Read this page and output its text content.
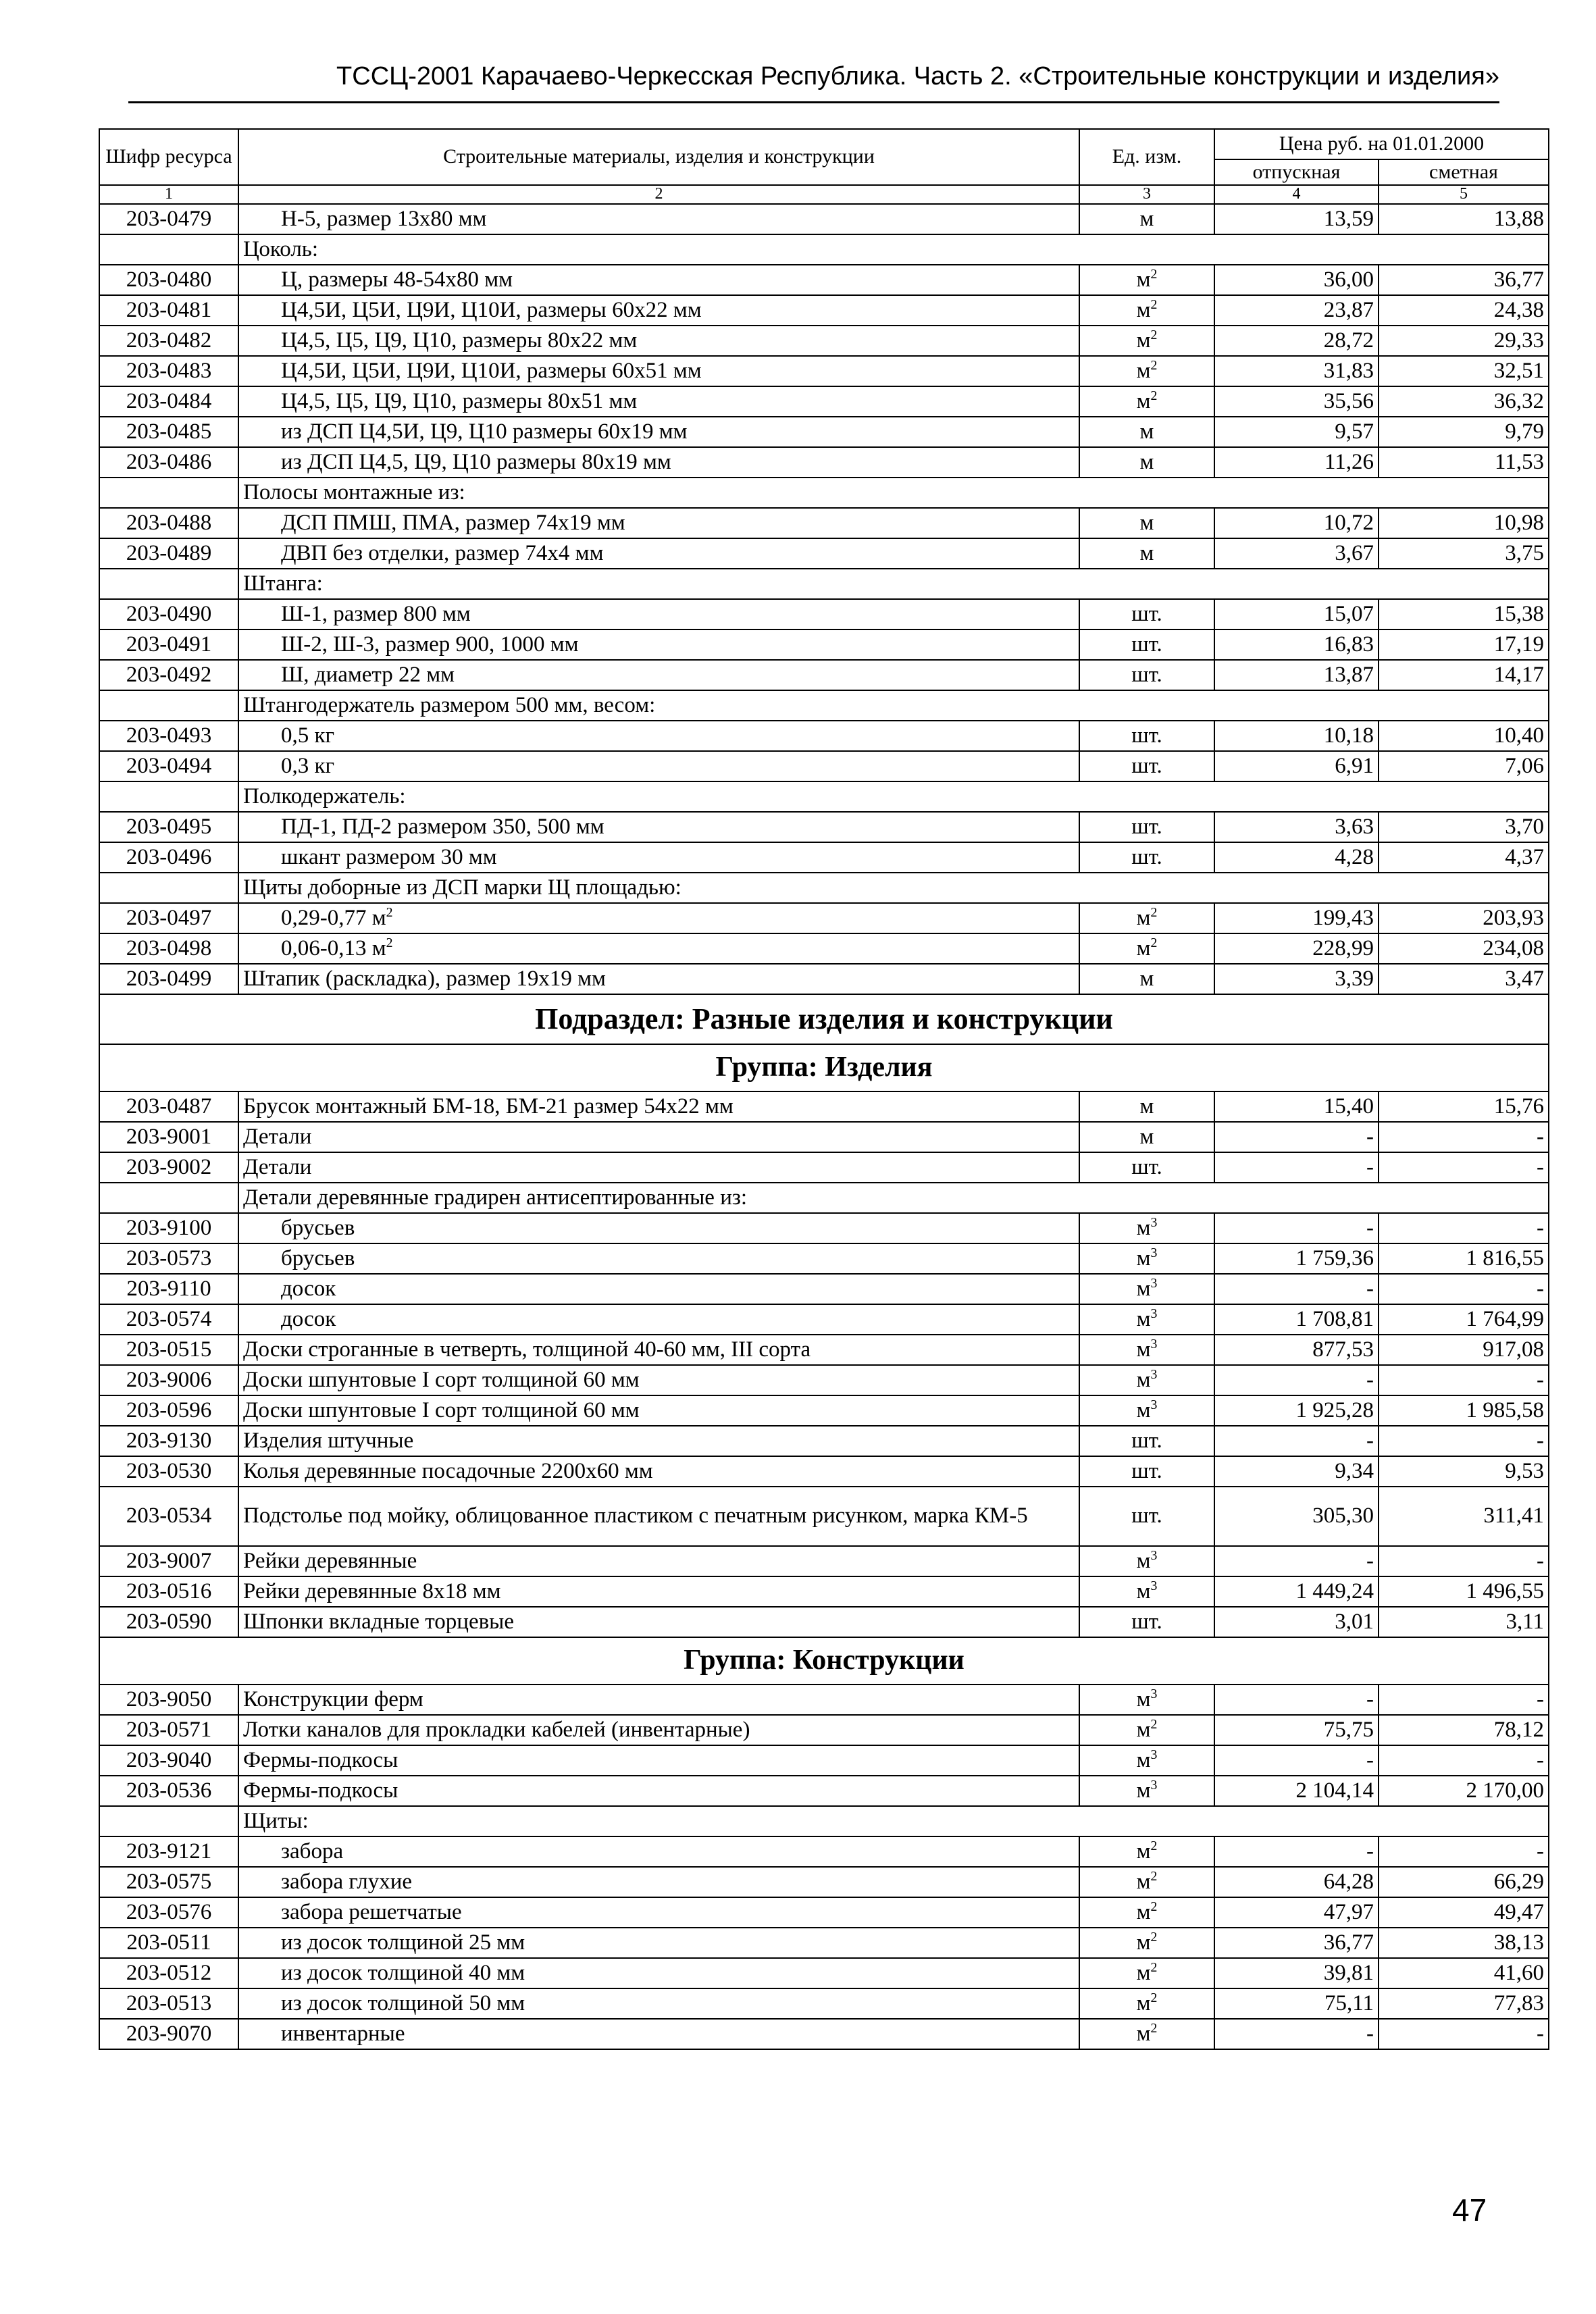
ТССЦ-2001 Карачаево-Черкесская Республика. Часть 2. «Строительные конструкции и изделия»
Шифр ресурса	Строительные материалы, изделия и конструкции	Ед. изм.	Цена руб. на 01.01.2000	
			отпускная	сметная
1	2	3	4	5
203-0479	Н-5, размер 13х80 мм	м	13,59	13,88
	Цоколь:			
203-0480	Ц, размеры 48-54х80 мм	$м^2$	36,00	36,77
203-0481	Ц4,5И, Ц5И, Ц9И, Ц10И, размеры 60х22 мм	$м^2$	23,87	24,38
203-0482	Ц4,5, Ц5, Ц9, Ц10, размеры 80х22 мм	$м^2$	28,72	29,33
203-0483	Ц4,5И, Ц5И, Ц9И, Ц10И, размеры 60х51 мм	$м^2$	31,83	32,51
203-0484	Ц4,5, Ц5, Ц9, Ц10, размеры 80х51 мм	$м^2$	35,56	36,32
203-0485	из ДСП Ц4,5И, Ц9, Ц10 размеры 60х19 мм	м	9,57	9,79
203-0486	из ДСП Ц4,5, Ц9, Ц10 размеры 80х19 мм	м	11,26	11,53
	Полосы монтажные из:			
203-0488	ДСП ПМШ, ПМА, размер 74х19 мм	м	10,72	10,98
203-0489	ДВП без отделки, размер 74х4 мм	м	3,67	3,75
	Штанга:			
203-0490	Ш-1, размер 800 мм	шт.	15,07	15,38
203-0491	Ш-2, Ш-3, размер 900, 1000 мм	шт.	16,83	17,19
203-0492	Ш, диаметр 22 мм	шт.	13,87	14,17
	Штангодержатель размером 500 мм, весом:			
203-0493	0,5 кг	шт.	10,18	10,40
203-0494	0,3 кг	шт.	6,91	7,06
	Полкодержатель:			
203-0495	ПД-1, ПД-2 размером 350, 500 мм	шт.	3,63	3,70
203-0496	шкант размером 30 мм	шт.	4,28	4,37
	Щиты доборные из ДСП марки Щ площадью:			
203-0497	0,29-0,77 $м^2$	$м^2$	199,43	203,93
203-0498	0,06-0,13 $м^2$	$м^2$	228,99	234,08
203-0499	Штапик (раскладка), размер 19х19 мм	м	3,39	3,47
Подраздел: Разные изделия и конструкции				
Группа: Изделия				
203-0487	Брусок монтажный БМ-18, БМ-21 размер 54х22 мм	м	15,40	15,76
203-9001	Детали	м	-	-
203-9002	Детали	шт.	-	-
	Детали деревянные градирен антисептированные из:			
203-9100	брусьев	$м^3$	-	-
203-0573	брусьев	$м^3$	1 759,36	1 816,55
203-9110	досок	$м^3$	-	-
203-0574	досок	$м^3$	1 708,81	1 764,99
203-0515	Доски строганные в четверть, толщиной 40-60 мм, III сорта	$м^3$	877,53	917,08
203-9006	Доски шпунтовые I сорт толщиной 60 мм	$м^3$	-	-
203-0596	Доски шпунтовые I сорт толщиной 60 мм	$м^3$	1 925,28	1 985,58
203-9130	Изделия штучные	шт.	-	-
203-0530	Колья деревянные посадочные 2200х60 мм	шт.	9,34	9,53
203-0534	Подстолье под мойку, облицованное пластиком с печатным рисунком, марка КМ-5	шт.	305,30	311,41
203-9007	Рейки деревянные	$м^3$	-	-
203-0516	Рейки деревянные 8х18 мм	$м^3$	1 449,24	1 496,55
203-0590	Шпонки вкладные торцевые	шт.	3,01	3,11
Группа: Конструкции				
203-9050	Конструкции ферм	$м^3$	-	-
203-0571	Лотки каналов для прокладки кабелей (инвентарные)	$м^2$	75,75	78,12
203-9040	Фермы-подкосы	$м^3$	-	-
203-0536	Фермы-подкосы	$м^3$	2 104,14	2 170,00
	Щиты:			
203-9121	забора	$м^2$	-	-
203-0575	забора глухие	$м^2$	64,28	66,29
203-0576	забора решетчатые	$м^2$	47,97	49,47
203-0511	из досок толщиной 25 мм	$м^2$	36,77	38,13
203-0512	из досок толщиной 40 мм	$м^2$	39,81	41,60
203-0513	из досок толщиной 50 мм	$м^2$	75,11	77,83
203-9070	инвентарные	$м^2$	-	-
47
